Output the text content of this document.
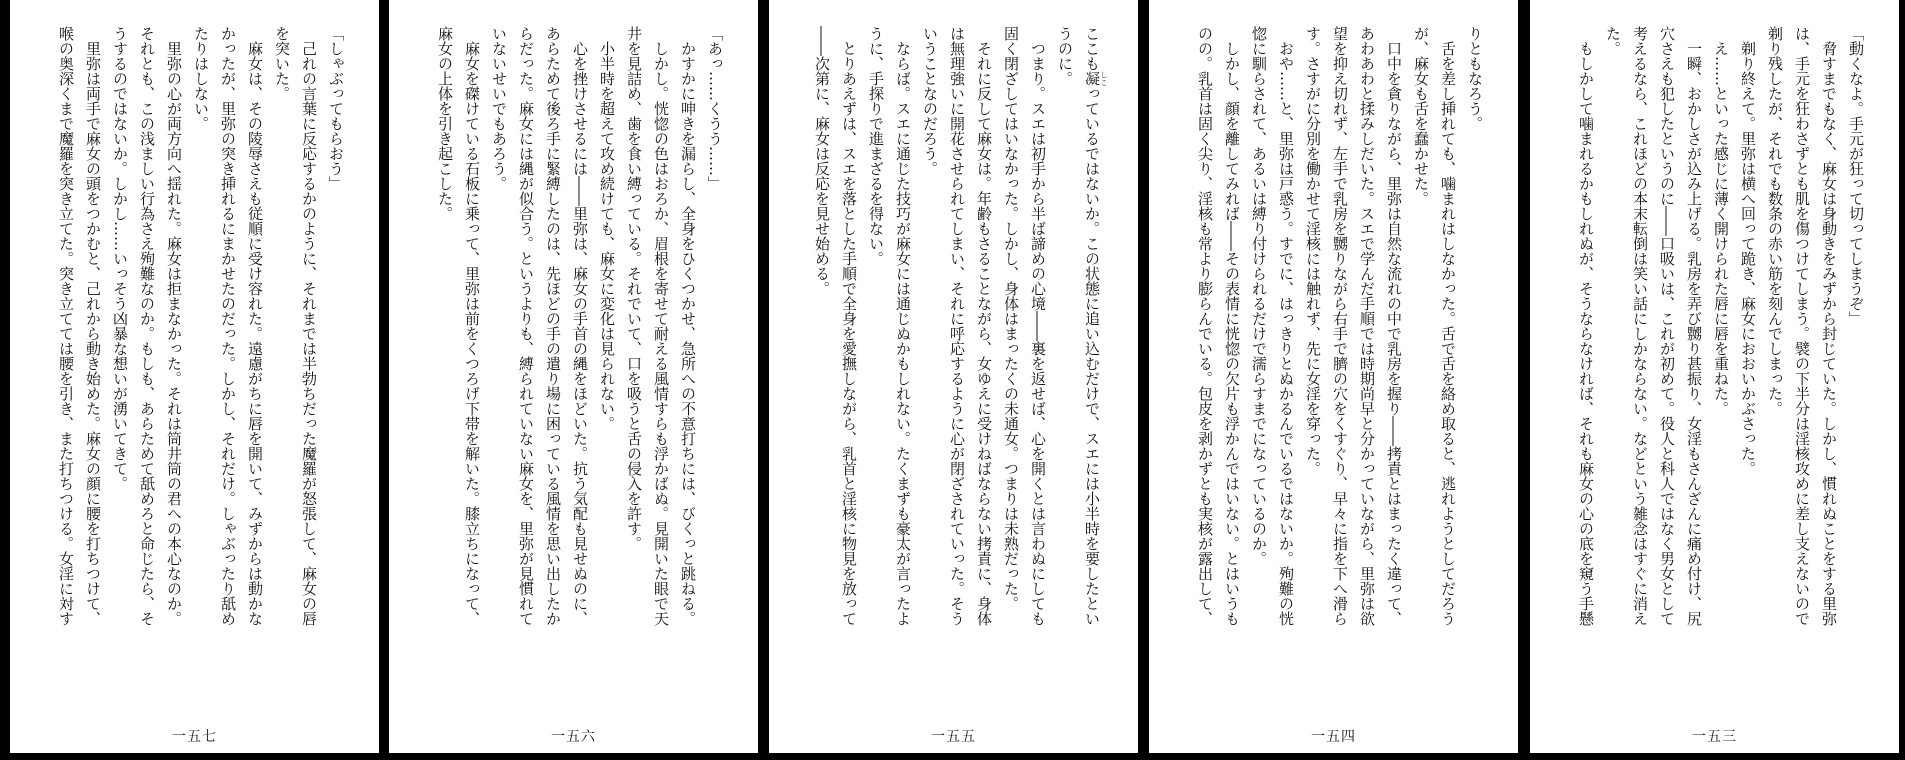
「動くなよ。手元が狂って切ってしまうぞ」
　脅すまでもなく、麻女は身動きをみずから封じていた。しかし、慣れぬことをする里弥
は、手元を狂わさずとも肌を傷つけてしまう。襞の下半分は淫核攻めに差し支えないので
剃り残したが、それでも数条の赤い筋を刻んでしまった。
　剃り終えて。里弥は横へ回って跪き、麻女におおいかぶさった。
　え……といった感じに薄く開けられた唇に唇を重ねた。
　一瞬、おかしさが込み上げる。乳房を弄び嬲り甚振り、女淫もさんざんに痛め付け、尻
穴さえも犯したというのに――口吸いは、これが初めて。役人と科人ではなく男女として
考えるなら、これほどの本末転倒は笑い話にしかならない。などという雑念はすぐに消え
た。
　もしかして噛まれるかもしれぬが、そうならなければ、それも麻女の心の底を窺う手懸
一五三
りともなろう。
　舌を差し挿れても、噛まれはしなかった。舌で舌を絡め取ると、逃れようとしてだろう
が、麻女も舌を蠢かせた。
　口中を貪りながら、里弥は自然な流れの中で乳房を握り――拷責とはまったく違って、
あわあわと揉みしだいた。スエで学んだ手順では時期尚早と分かっていながら、里弥は欲
望を抑え切れず、左手で乳房を嬲りながら右手で臍の穴をくすぐり、早々に指を下へ滑ら
す。さすがに分別を働かせて淫核には触れず、先に女淫を穿った。
　おや……と、里弥は戸惑う。すでに、はっきりとぬかるんでいるではないか。殉難の恍
惚に馴らされて、あるいは縛り付けられるだけで濡らすまでになっているのか。
　しかし、顔を離してみれば――その表情に恍惚の欠片も浮かんではいない。とはいうも
のの。乳首は固く尖り、淫核も常より膨らんでいる。包皮を剥かずとも実核が露出して、
一五四
ここも凝 しこっているではないか。この状態に追い込むだけで、スエには小半時を要したとい
うのに。
　つまり。スエは初手から半ば諦めの心境――裏を返せば、心を開くとは言わぬにしても
固く閉ざしてはいなかった。しかし、身体はまったくの未通女。つまりは未熟だった。
　それに反して麻女は。年齢もさることながら、女ゆえに受けねばならない拷責に、身体
は無理強いに開花させられてしまい、それに呼応するように心が閉ざされていった。そう
いうことなのだろう。
　ならば。スエに通じた技巧が麻女には通じぬかもしれない。たくまずも豪太が言ったよ
うに、手探りで進まざるを得ない。
　とりあえずは、スエを落とした手順で全身を愛撫しながら、乳首と淫核に物見を放って
――次第に、麻女は反応を見せ始める。
一五五
「あっ……くうう……」
　かすかに呻きを漏らし、全身をひくつかせ、急所への不意打ちには、びくっと跳ねる。
　しかし。恍惚の色はおろか、眉根を寄せて耐える風情すらも浮かばぬ。見開いた眼で天
井を見詰め、歯を食い縛っている。それでいて、口を吸うと舌の侵入を許す。
　小半時を超えて攻め続けても、麻女に変化は見られない。
　心を挫けさせるには――里弥は、麻女の手首の縄をほどいた。抗う気配も見せぬのに、
あらためて後ろ手に緊縛したのは、先ほどの手の遣り場に困っている風情を思い出したか
らだった。麻女には縄が似合う。というよりも、縛られていない麻女を、里弥が見慣れて
いないせいでもあろう。
　麻女を磔けている石板に乗って、里弥は前をくつろげ下帯を解いた。膝立ちになって、
麻女の上体を引き起こした。
一五六
「しゃぶってもらおう」
　己れの言葉に反応するかのように、それまでは半勃ちだった魔羅が怒張して、麻女の唇
を突いた。
　麻女は、その陵辱さえも従順に受け容れた。遠慮がちに唇を開いて、みずからは動かな
かったが、里弥の突き挿れるにまかせたのだった。しかし、それだけ。しゃぶったり舐め
たりはしない。
　里弥の心が両方向へ揺れた。麻女は拒まなかった。それは筒井筒の君への本心なのか。
それとも、この浅ましい行為さえ殉難なのか。もしも、あらためて舐めろと命じたら、そ
うするのではないか。しかし……いっそう凶暴な想いが湧いてきて。
　里弥は両手で麻女の頭をつかむと、己れから動き始めた。麻女の顔に腰を打ちつけて、
喉の奥深くまで魔羅を突き立てた。突き立てては腰を引き、また打ちつける。女淫に対す
一五七
